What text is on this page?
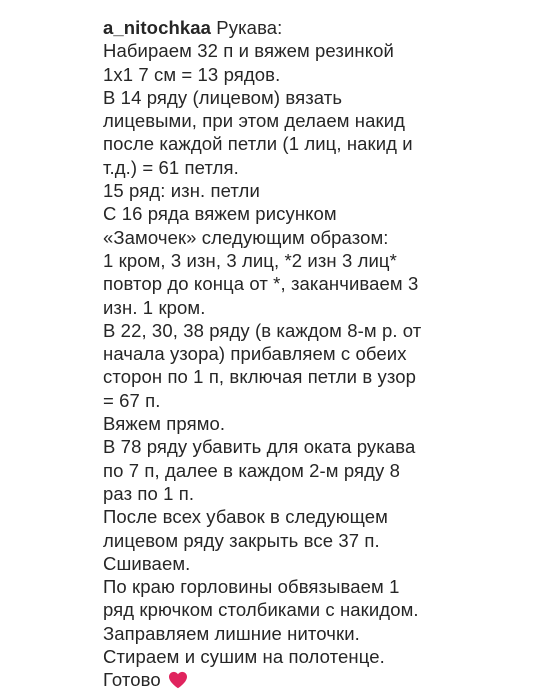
a_nitochkaa Рукава:
Набираем 32 п и вяжем резинкой
1х1 7 см = 13 рядов.
В 14 ряду (лицевом) вязать
лицевыми, при этом делаем накид
после каждой петли (1 лиц, накид и
т.д.) = 61 петля.
15 ряд: изн. петли
С 16 ряда вяжем рисунком
«Замочек» следующим образом:
1 кром, 3 изн, 3 лиц, *2 изн 3 лиц*
повтор до конца от *, заканчиваем 3
изн. 1 кром.
В 22, 30, 38 ряду (в каждом 8-м р. от
начала узора) прибавляем с обеих
сторон по 1 п, включая петли в узор
= 67 п.
Вяжем прямо.
В 78 ряду убавить для оката рукава
по 7 п, далее в каждом 2-м ряду 8
раз по 1 п.
После всех убавок в следующем
лицевом ряду закрыть все 37 п.
Сшиваем.
По краю горловины обвязываем 1
ряд крючком столбиками с накидом.
Заправляем лишние ниточки.
Стираем и сушим на полотенце.
Готово
